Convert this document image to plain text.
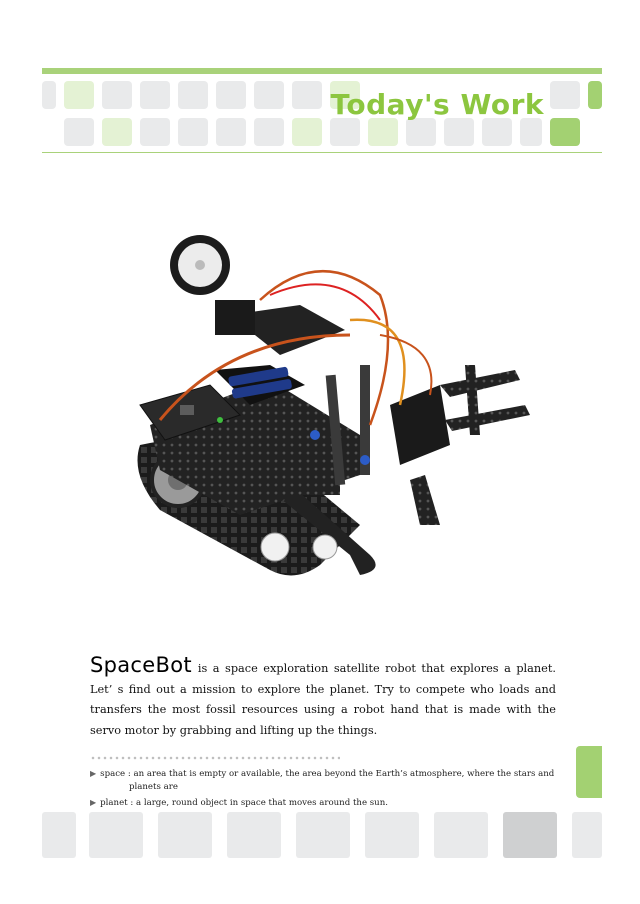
Today's Work

SpaceBot is a space exploration satellite robot that explores a planet. Let’ s find out a mission to explore the planet. Try to compete who loads and transfers the most fossil resources using a robot hand that is made with the servo motor by grabbing and lifting up the things.

▶ space : an area that is empty or available, the area beyond the Earth’s atmosphere, where the stars and
planets are

▶ planet : a large, round object in space that moves around the sun.
